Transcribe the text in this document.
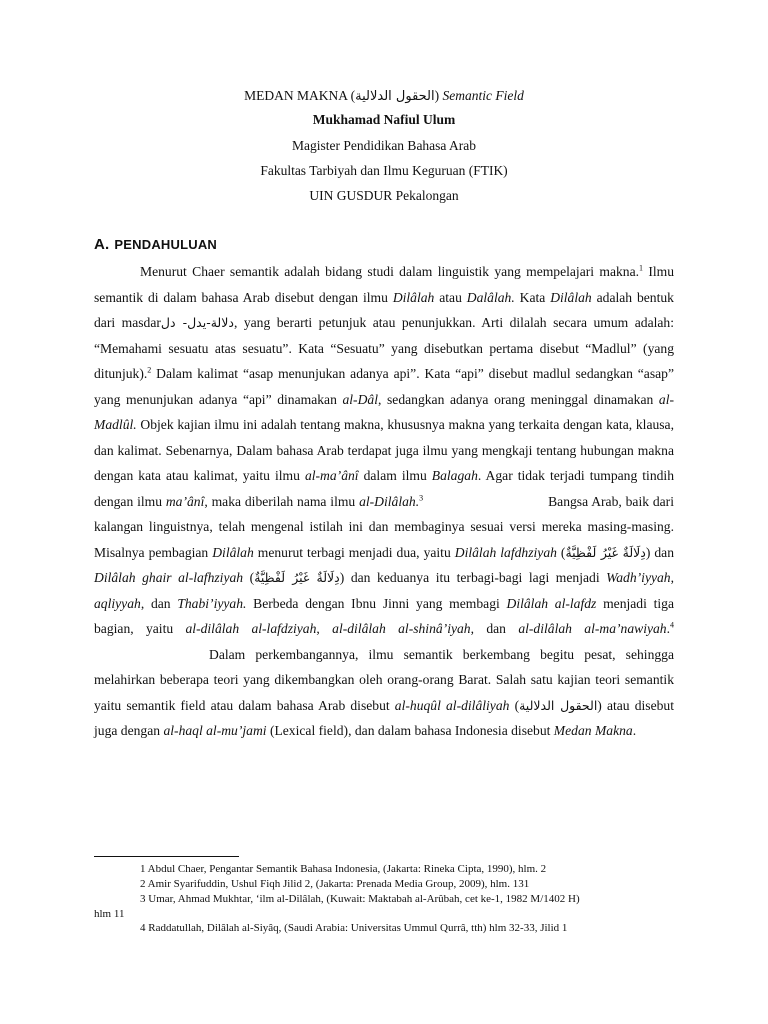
MEDAN MAKNA (الحقول الدلالية) Semantic Field
Mukhamad Nafiul Ulum
Magister Pendidikan Bahasa Arab
Fakultas Tarbiyah dan Ilmu Keguruan (FTIK)
UIN GUSDUR Pekalongan
A. PENDAHULUAN

Menurut Chaer semantik adalah bidang studi dalam linguistik yang mempelajari makna.$^1$ Ilmu semantik di dalam bahasa Arab disebut dengan ilmu Dilâlah atau Dalâlah. Kata Dilâlah adalah bentuk dari masdarدلالة-يدل- دل, yang berarti petunjuk atau penunjukkan. Arti dilalah secara umum adalah: “Memahami sesuatu atas sesuatu”. Kata “Sesuatu” yang disebutkan pertama disebut “Madlul” (yang ditunjuk).$^2$ Dalam kalimat “asap menunjukan adanya api”. Kata “api” disebut madlul sedangkan “asap” yang menunjukan adanya “api” dinamakan al-Dâl, sedangkan adanya orang meninggal dinamakan al-Madlûl. Objek kajian ilmu ini adalah tentang makna, khususnya makna yang terkaita dengan kata, klausa, dan kalimat. Sebenarnya, Dalam bahasa Arab terdapat juga ilmu yang mengkaji tentang hubungan makna dengan kata atau kalimat, yaitu ilmu al-ma’ânî dalam ilmu Balagah. Agar tidak terjadi tumpang tindih dengan ilmu ma’ânî, maka diberilah nama ilmu al-Dilâlah.$^3$	Bangsa Arab, baik dari kalangan linguistnya, telah mengenal istilah ini dan membaginya sesuai versi mereka masing-masing. Misalnya pembagian Dilâlah menurut terbagi menjadi dua, yaitu Dilâlah lafdhziyah (دِلَالَةٌ غَيْرُ لَفْظِيَّةٌ) dan Dilâlah ghair al-lafhziyah (دِلَالَةٌ غَيْرُ لَفْظِيَّةٌ) dan keduanya itu terbagi-bagi lagi menjadi Wadh’iyyah, aqliyyah, dan Thabi’iyyah. Berbeda dengan Ibnu Jinni yang membagi Dilâlah al-lafdz menjadi tiga bagian, yaitu al-dilâlah al-lafdziyah, al-dilâlah al-shinâ’iyah, dan al-dilâlah al-ma’nawiyah.$^4$Dalam perkembangannya, ilmu semantik berkembang begitu pesat, sehingga melahirkan beberapa teori yang dikembangkan oleh orang-orang Barat. Salah satu kajian teori semantik yaitu semantik field atau dalam bahasa Arab disebut al-huqûl al-dilâliyah (الحقول الدلالية) atau disebut juga dengan al-haql al-mu’jami (Lexical field), dan dalam bahasa Indonesia disebut Medan Makna.

1 Abdul Chaer, Pengantar Semantik Bahasa Indonesia, (Jakarta: Rineka Cipta, 1990), hlm. 2
2 Amir Syarifuddin, Ushul Fiqh Jilid 2, (Jakarta: Prenada Media Group, 2009), hlm. 131
3 Umar, Ahmad Mukhtar, ‘ilm al-Dilâlah, (Kuwait: Maktabah al-Arûbah, cet ke-1, 1982 M/1402 H)
hlm 11
4 Raddatullah, Dilâlah al-Siyâq, (Saudi Arabia: Universitas Ummul Qurrâ, tth) hlm 32-33, Jilid 1
